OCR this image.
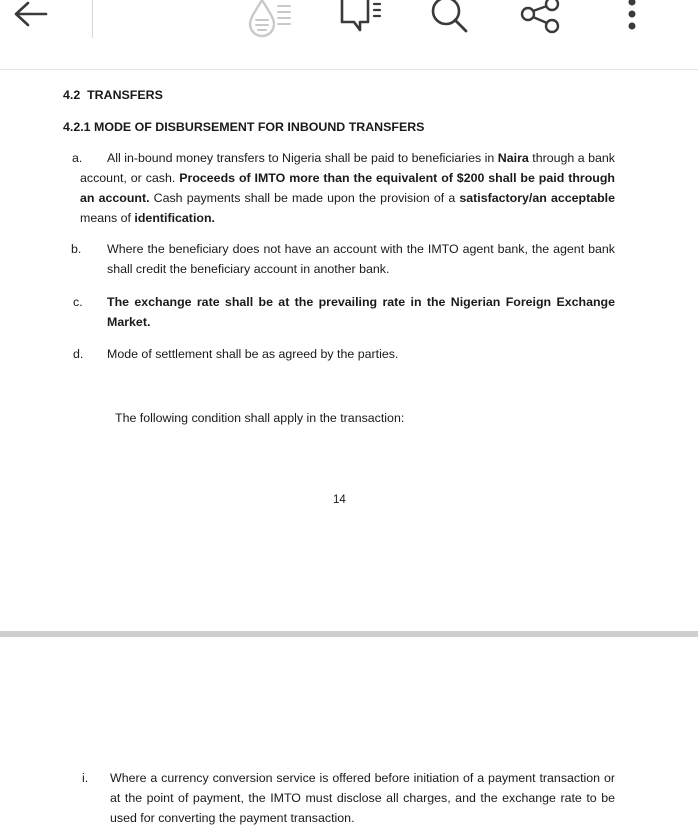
4.2  TRANSFERS
4.2.1 MODE OF DISBURSEMENT FOR INBOUND TRANSFERS
a. All in-bound money transfers to Nigeria shall be paid to beneficiaries in Naira through a bank account, or cash. Proceeds of IMTO more than the equivalent of $200 shall be paid through an account. Cash payments shall be made upon the provision of a satisfactory/an acceptable means of identification.
b. Where the beneficiary does not have an account with the IMTO agent bank, the agent bank shall credit the beneficiary account in another bank.
c. The exchange rate shall be at the prevailing rate in the Nigerian Foreign Exchange Market.
d. Mode of settlement shall be as agreed by the parties.
The following condition shall apply in the transaction:
14
i. Where a currency conversion service is offered before initiation of a payment transaction or at the point of payment, the IMTO must disclose all charges, and the exchange rate to be used for converting the payment transaction.
